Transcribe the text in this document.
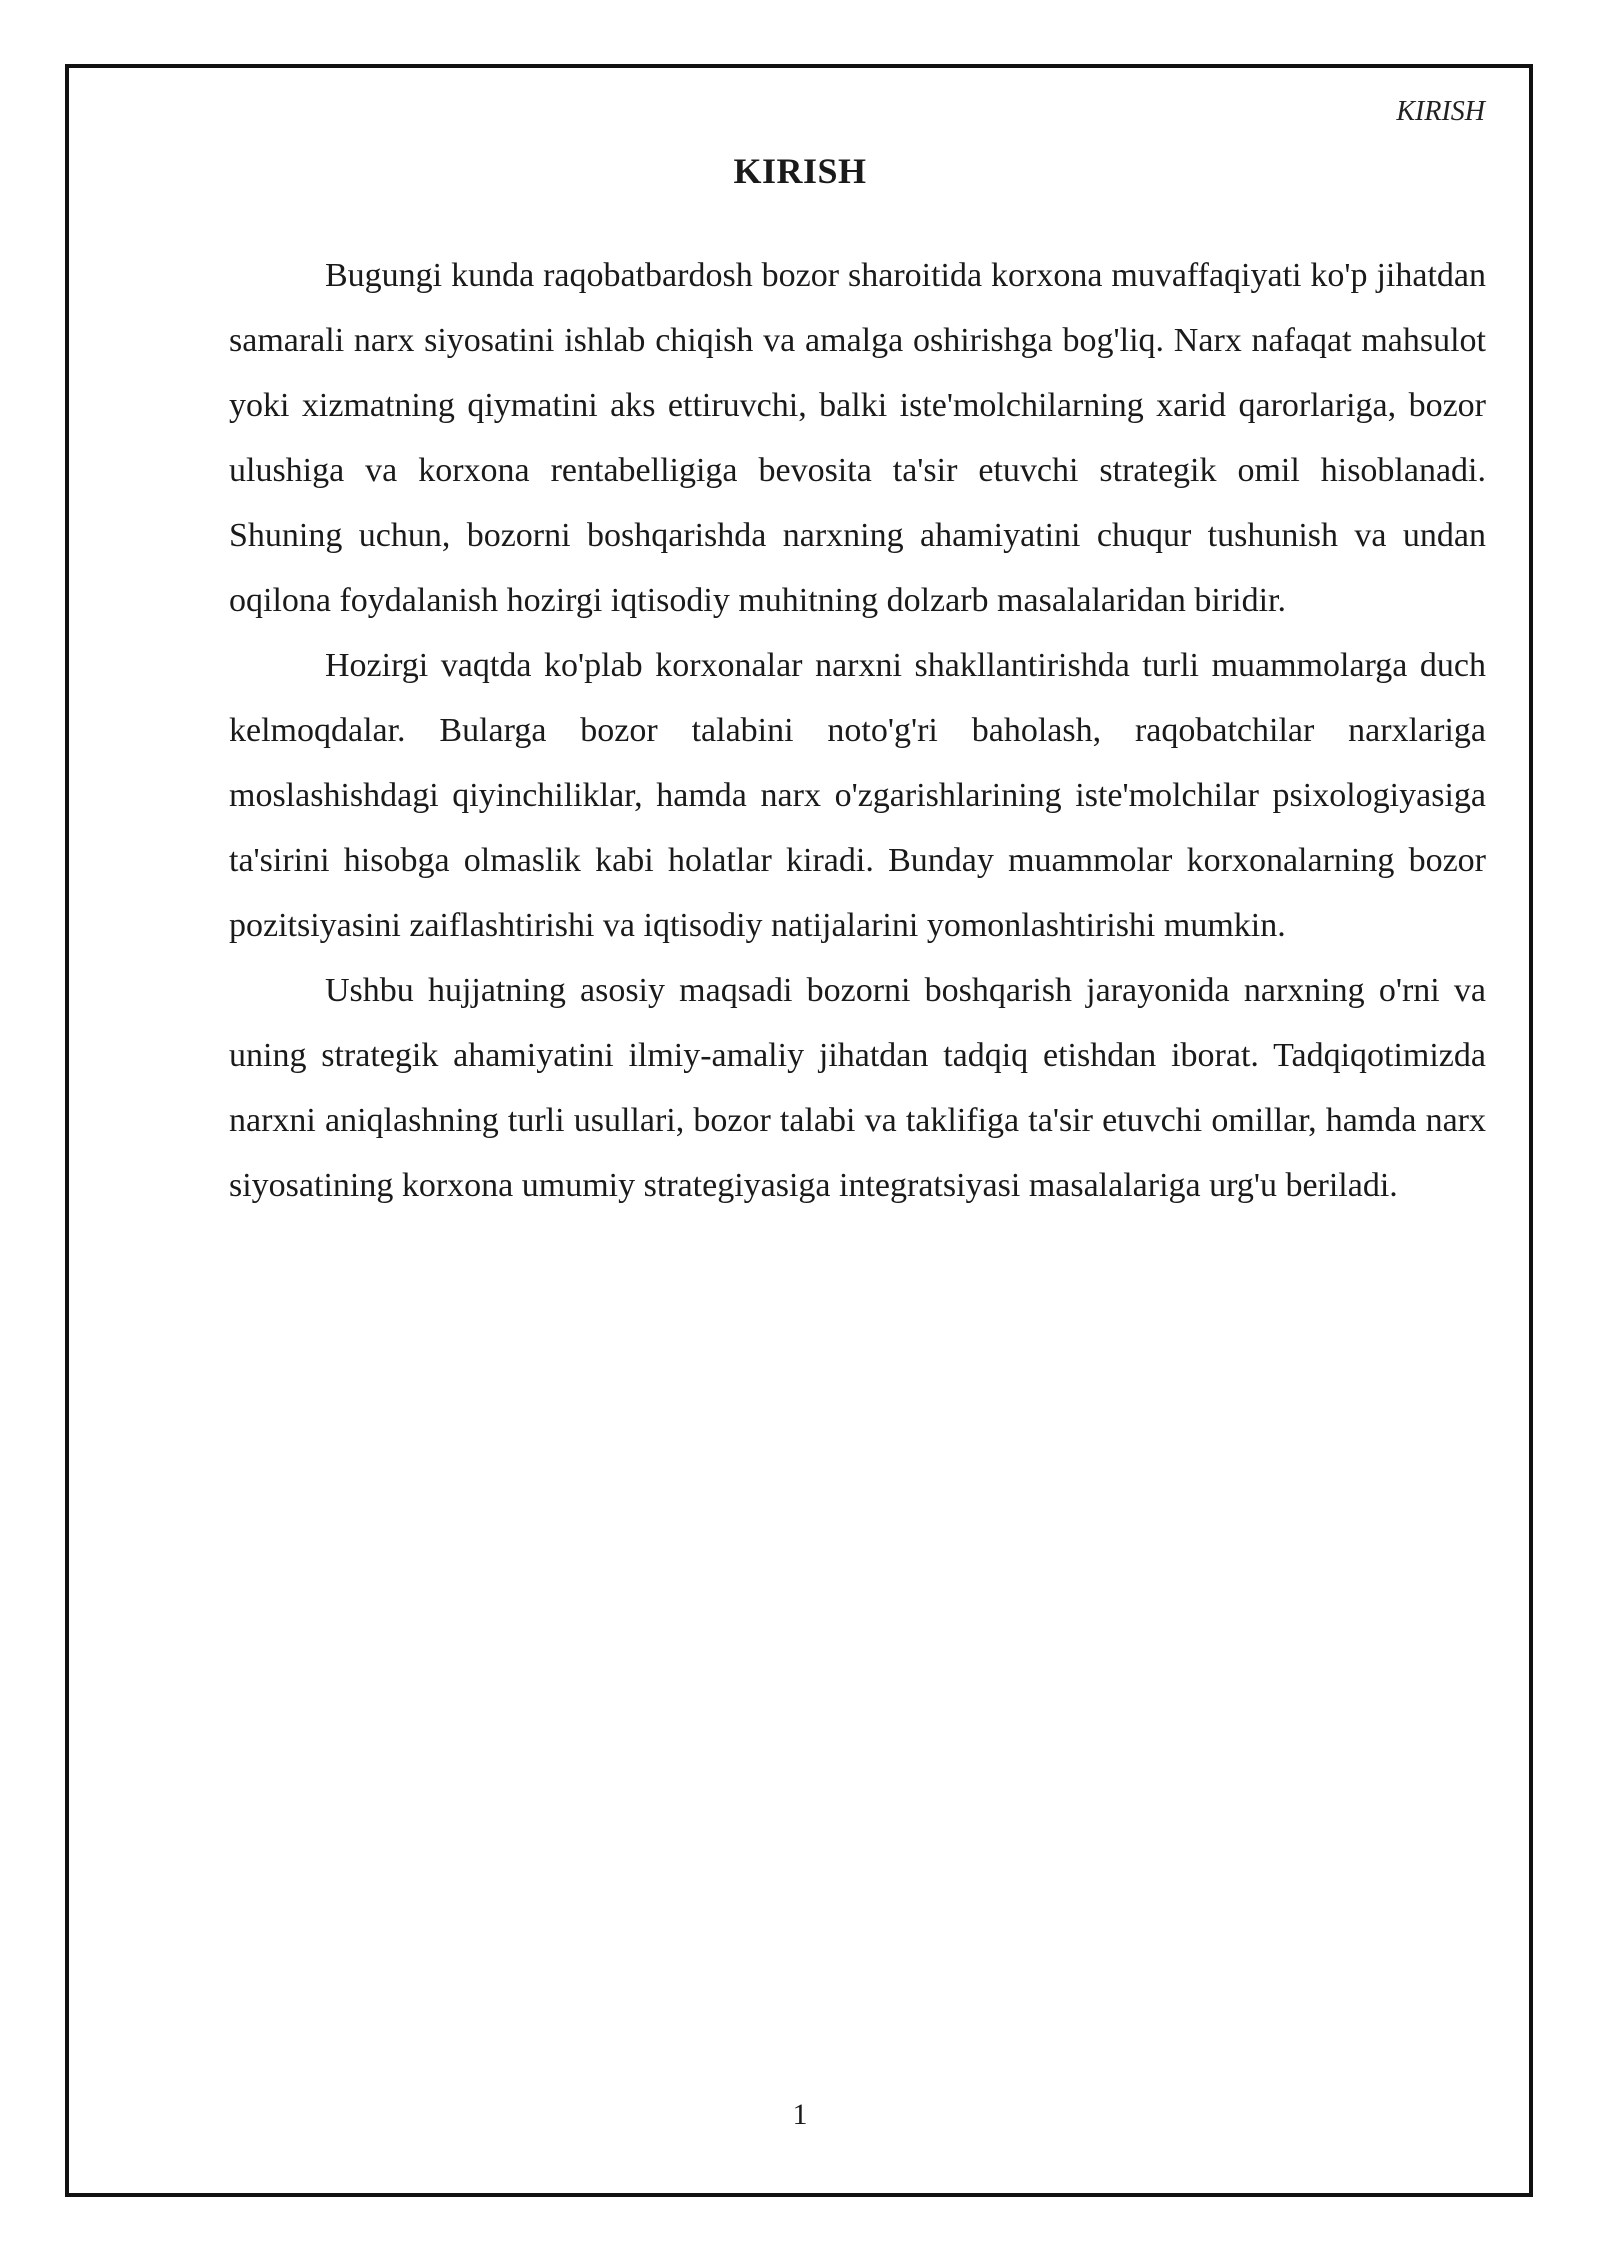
KIRISH
KIRISH

Bugungi kunda raqobatbardosh bozor sharoitida korxona muvaffaqiyati ko'p jihatdan samarali narx siyosatini ishlab chiqish va amalga oshirishga bog'liq. Narx nafaqat mahsulot yoki xizmatning qiymatini aks ettiruvchi, balki iste'molchilarning xarid qarorlariga, bozor ulushiga va korxona rentabelligiga bevosita ta'sir etuvchi strategik omil hisoblanadi. Shuning uchun, bozorni boshqarishda narxning ahamiyatini chuqur tushunish va undan oqilona foydalanish hozirgi iqtisodiy muhitning dolzarb masalalaridan biridir.

Hozirgi vaqtda ko'plab korxonalar narxni shakllantirishda turli muammolarga duch kelmoqdalar. Bularga bozor talabini noto'g'ri baholash, raqobatchilar narxlariga moslashishdagi qiyinchiliklar, hamda narx o'zgarishlarining iste'molchilar psixologiyasiga ta'sirini hisobga olmaslik kabi holatlar kiradi. Bunday muammolar korxonalarning bozor pozitsiyasini zaiflashtirishi va iqtisodiy natijalarini yomonlashtirishi mumkin.

Ushbu hujjatning asosiy maqsadi bozorni boshqarish jarayonida narxning o'rni va uning strategik ahamiyatini ilmiy-amaliy jihatdan tadqiq etishdan iborat. Tadqiqotimizda narxni aniqlashning turli usullari, bozor talabi va taklifiga ta'sir etuvchi omillar, hamda narx siyosatining korxona umumiy strategiyasiga integratsiyasi masalalariga urg'u beriladi.

1
